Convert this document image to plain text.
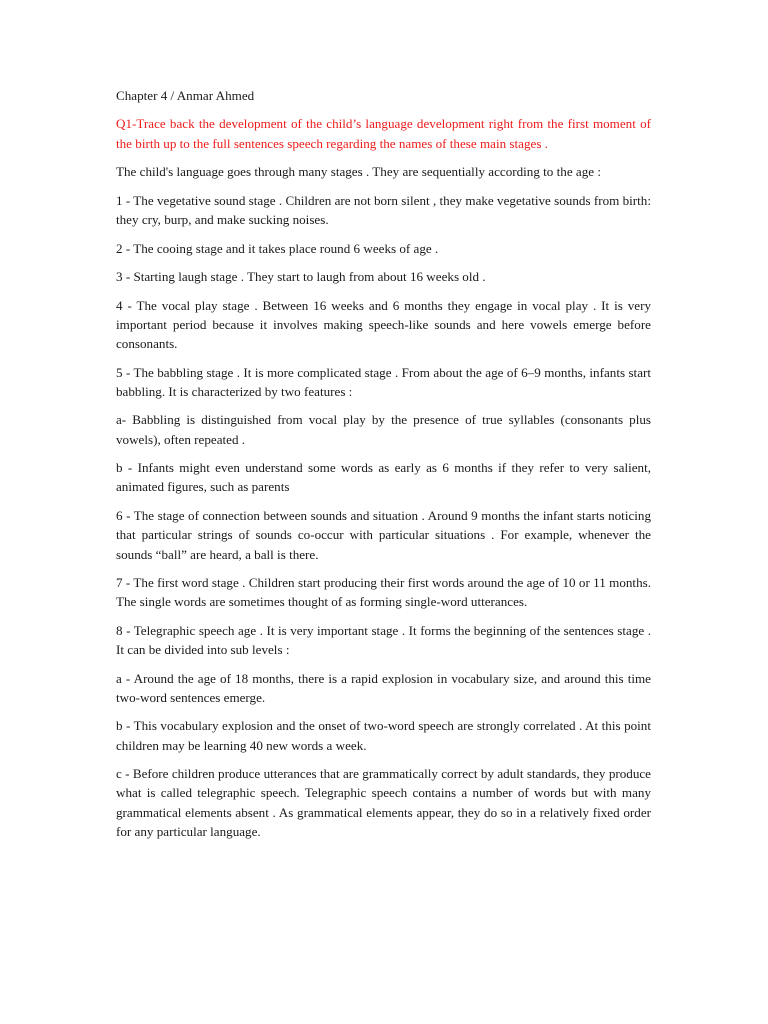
Chapter 4 / Anmar Ahmed

Q1-Trace back the development of the child’s language development right from the first moment of the birth up to the full sentences speech regarding the names of these main stages .

The child's language goes through many stages . They are sequentially according to the age :

1 - The vegetative sound stage . Children are not born silent , they make vegetative sounds from birth: they cry, burp, and make sucking noises.

2 - The cooing stage and it takes place round 6 weeks of age .

3 - Starting laugh stage . They start to laugh from about 16 weeks old .

4 - The vocal play stage . Between 16 weeks and 6 months they engage in vocal play . It is very important period because it involves making speech-like sounds and here vowels emerge before consonants.

5 - The babbling stage . It is more complicated stage . From about the age of 6–9 months, infants start babbling. It is characterized by two features :

a- Babbling is distinguished from vocal play by the presence of true syllables (consonants plus vowels), often repeated .

b - Infants might even understand some words as early as 6 months if they refer to very salient, animated figures, such as parents

6 - The stage of connection between sounds and situation . Around 9 months the infant starts noticing that particular strings of sounds co-occur with particular situations . For example, whenever the sounds “ball” are heard, a ball is there.

7 - The first word stage . Children start producing their first words around the age of 10 or 11 months. The single words are sometimes thought of as forming single-word utterances.

8 - Telegraphic speech age . It is very important stage . It forms the beginning of the sentences stage . It can be divided into sub levels :

a - Around the age of 18 months, there is a rapid explosion in vocabulary size, and around this time two-word sentences emerge.

b - This vocabulary explosion and the onset of two-word speech are strongly correlated . At this point children may be learning 40 new words a week.

c - Before children produce utterances that are grammatically correct by adult standards, they produce what is called telegraphic speech. Telegraphic speech contains a number of words but with many grammatical elements absent . As grammatical elements appear, they do so in a relatively fixed order for any particular language.
